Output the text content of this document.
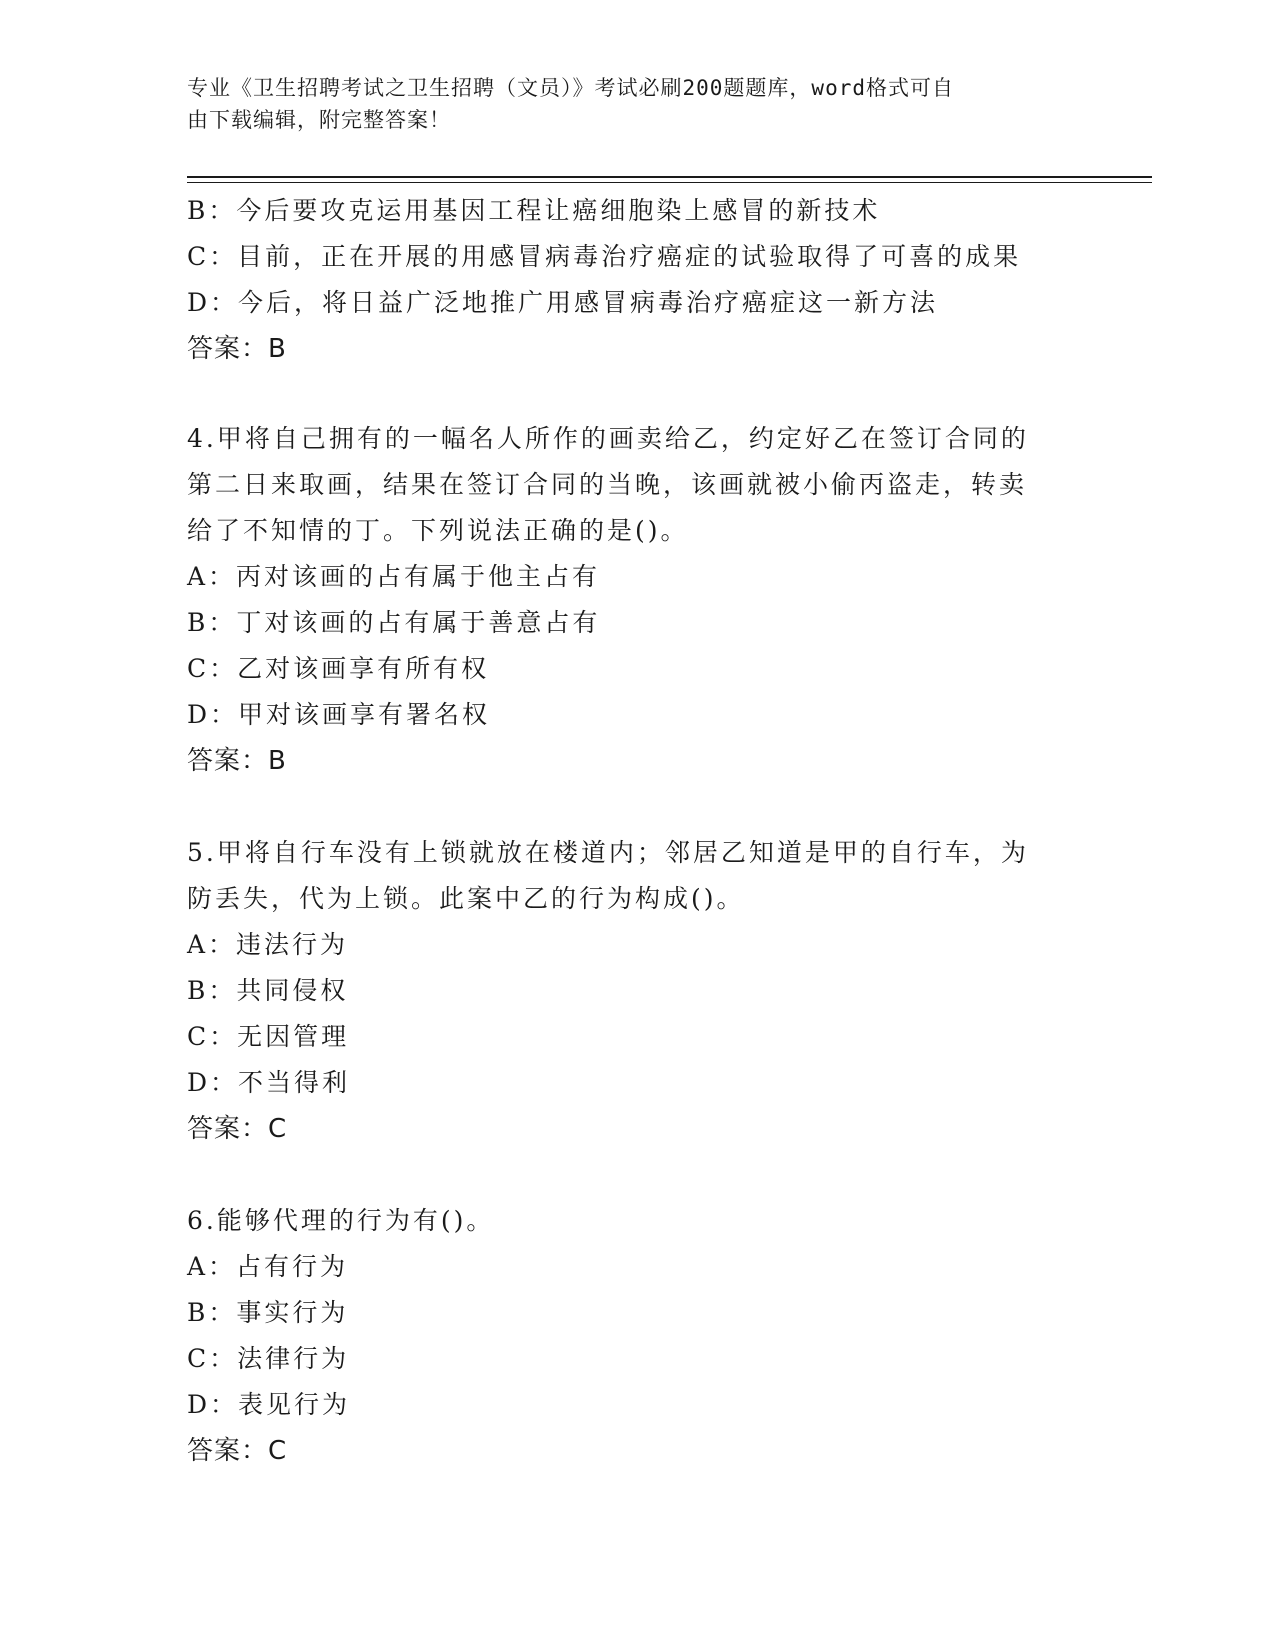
专业《卫生招聘考试之卫生招聘（文员）》考试必刷200题题库，word格式可自
由下载编辑，附完整答案！
B：今后要攻克运用基因工程让癌细胞染上感冒的新技术
C：目前，正在开展的用感冒病毒治疗癌症的试验取得了可喜的成果
D：今后，将日益广泛地推广用感冒病毒治疗癌症这一新方法
答案：B
4.甲将自己拥有的一幅名人所作的画卖给乙，约定好乙在签订合同的
第二日来取画，结果在签订合同的当晚，该画就被小偷丙盗走，转卖
给了不知情的丁。下列说法正确的是()。
A：丙对该画的占有属于他主占有
B：丁对该画的占有属于善意占有
C：乙对该画享有所有权
D：甲对该画享有署名权
答案：B
5.甲将自行车没有上锁就放在楼道内；邻居乙知道是甲的自行车，为
防丢失，代为上锁。此案中乙的行为构成()。
A：违法行为
B：共同侵权
C：无因管理
D：不当得利
答案：C
6.能够代理的行为有()。
A：占有行为
B：事实行为
C：法律行为
D：表见行为
答案：C
